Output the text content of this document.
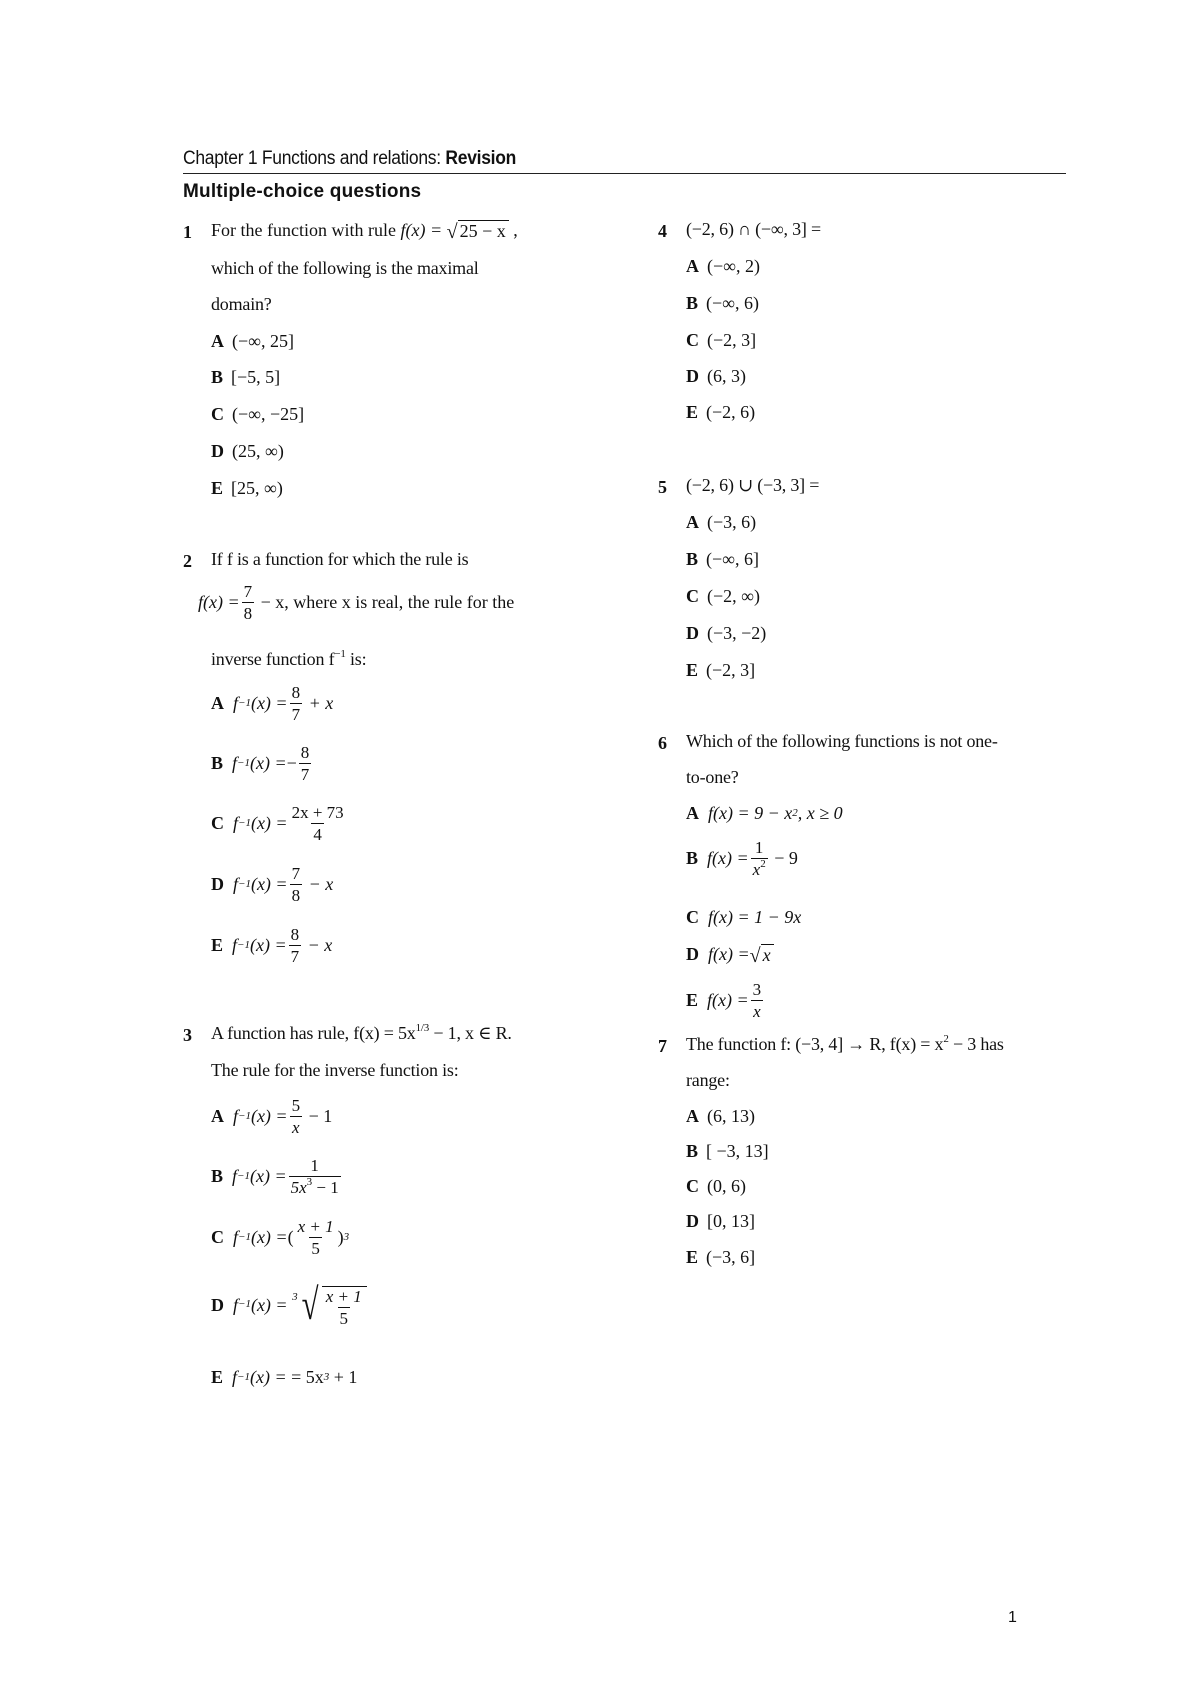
Chapter 1 Functions and relations: Revision
Multiple-choice questions
1 For the function with rule
f(x) =
√ 25 − x
,
which of the following is the maximal
domain?
A (−∞, 25]
B [−5, 5]
C (−∞, −25]
D (25, ∞)
E [25, ∞)
2 If f is a function for which the rule is
$f(x) = \frac{7}{8}$
− x, where x is real, the rule for the
inverse function $f^{-1}$ is:
A
$f^{-1}$ $(x) = \frac{8}{7}$
+ x
B
$f^{-1}$ (x) = − $\frac{8}{7}$
C
$f^{-1}$ $(x) = \frac{2x + 73}{4}$
D
$f^{-1}$ $(x) = \frac{7}{8}$
− x
E
$f^{-1}$ $(x) = \frac{8}{7}$
− x
3 A function has rule, $f(x) = 5x^{1/3} - 1$, x ∈ R.
The rule for the inverse function is:
A
$f^{-1}$ $(x) = \frac{5}{x}$
− 1
B
$f^{-1}$ $(x) = \frac{1}{5x^3 - 1}$
C
$f^{-1}$ (x) = ( $\frac{x + 1}{5} )^3$
D
$f^{-1}$ (x) =
$^3$ √ $\frac{x + 1}{5}$
E
$f^{-1}$ (x) =
= $5x^3$
+ 1
4 (−2, 6) ∩ (−∞, 3] =
A (−∞, 2)
B (−∞, 6)
C (−2, 3]
D (6, 3)
E (−2, 6)
5 (−2, 6) ∪ (−3, 3] =
A (−3, 6)
B (−∞, 6]
C (−2, ∞)
D (−3, −2)
E (−2, 3]
6 Which of the following functions is not one-
to-one?
A
$f(x) = 9 - x^2$ , x ≥ 0
B
$f(x) = \frac{1}{x^2}$
− 9
C
f(x) = 1 − 9x
D
f(x) = √ x
E
$f(x) = \frac{3}{x}$
7 The function f: (−3, 4] → R, $f(x) = x^2 - 3$ has
range:
A (6, 13)
B [ −3, 13]
C (0, 6)
D [0, 13]
E (−3, 6]
1
